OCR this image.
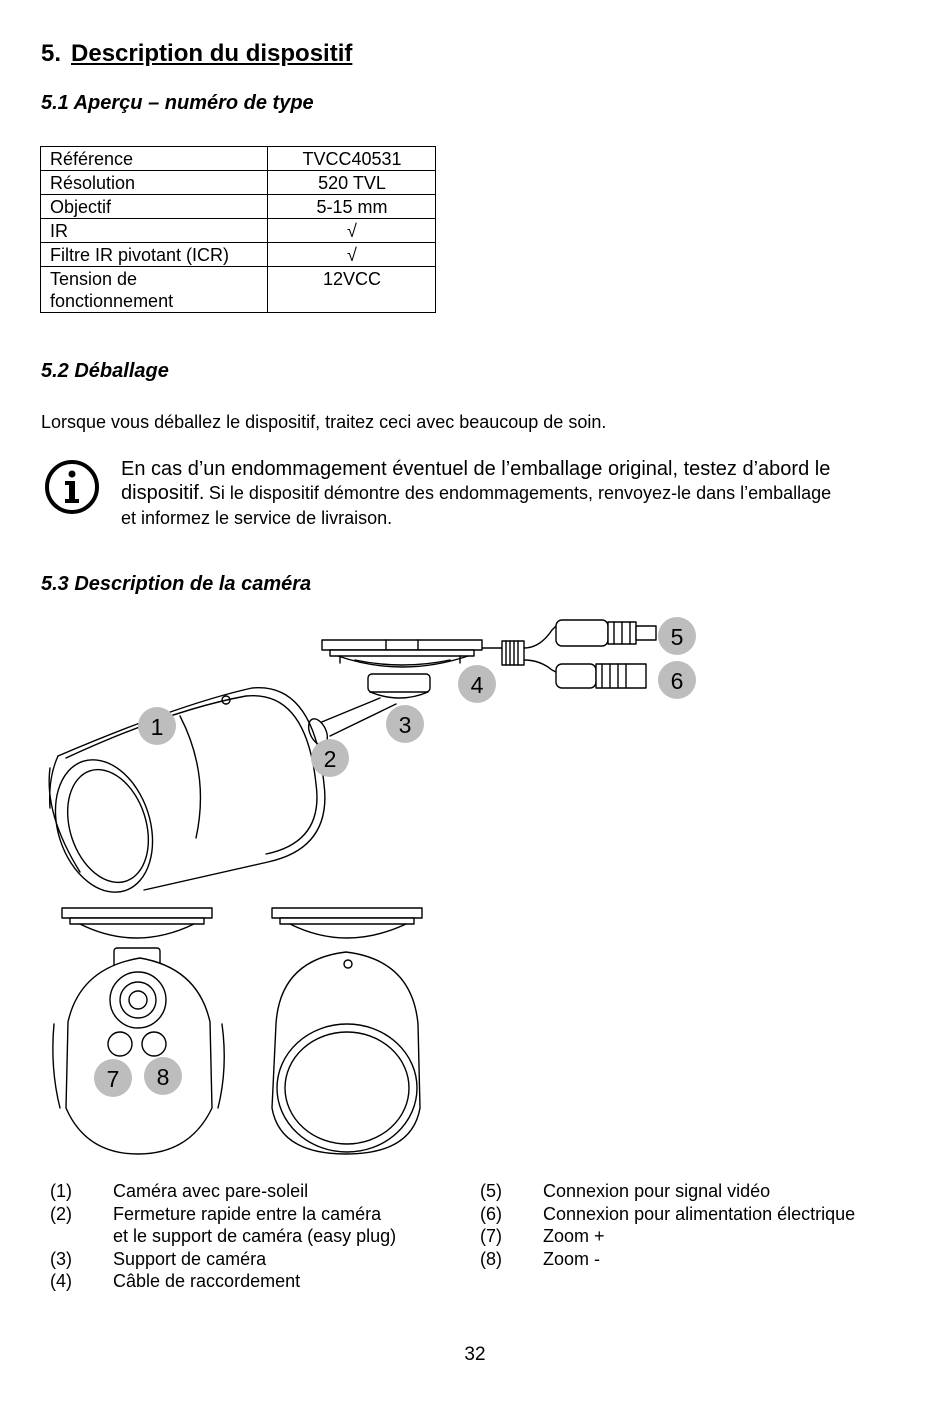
5. Description du dispositif
5.1 Aperçu – numéro de type
Référence	TVCC40531
Résolution	520 TVL
Objectif	5-15 mm
IR	√
Filtre IR pivotant (ICR)	√
Tension de fonctionnement	12VCC
5.2 Déballage
Lorsque vous déballez le dispositif, traitez ceci avec beaucoup de soin.
En cas d’un endommagement éventuel de l’emballage original, testez d’abord le
dispositif. Si le dispositif démontre des endommagements, renvoyez-le dans l’emballage
et informez le service de livraison.
5.3 Description de la caméra
1
2
3
4
5
6
7 8
(1) Caméra avec pare-soleil
(2) Fermeture rapide entre la caméra
et le support de caméra (easy plug)
(3) Support de caméra
(4) Câble de raccordement
(5) Connexion pour signal vidéo
(6) Connexion pour alimentation électrique
(7) Zoom +
(8) Zoom -
32
